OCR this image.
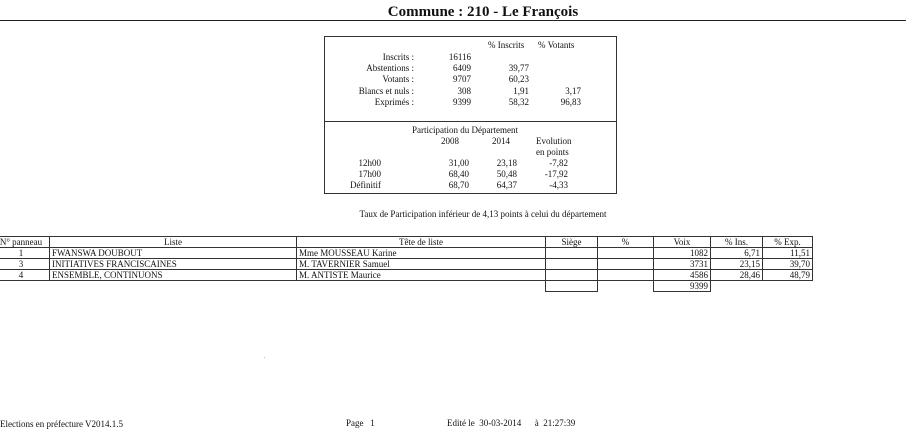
Commune : 210 - Le François
% Inscrits % Votants
Inscrits :	16116
Abstentions :	6409	39,77
Votants :	9707	60,23
Blancs et nuls :	308	1,91	3,17
Exprimés :	9399	58,32	96,83
Participation du Département
2008	2014	Evolution
en points
12h00	31,00	23,18	-7,82
17h00	68,40	50,48	-17,92
Définitif	68,70	64,37	-4,33
Taux de Participation inférieur de 4,13 points à celui du département
N° panneau	Liste	Tête de liste	Siège	%	Voix	% Ins.	% Exp.
1	FWANSWA DOUBOUT	Mme MOUSSEAU Karine			1082	6,71	11,51
3	INITIATIVES FRANCISCAINES	M. TAVERNIER Samuel			3731	23,15	39,70
4	ENSEMBLE, CONTINUONS	M. ANTISTE Maurice			4586	28,46	48,79
					9399		
Elections en préfecture V2014.1.5	Page 1	Edité le 30-03-2014 à 21:27:39
